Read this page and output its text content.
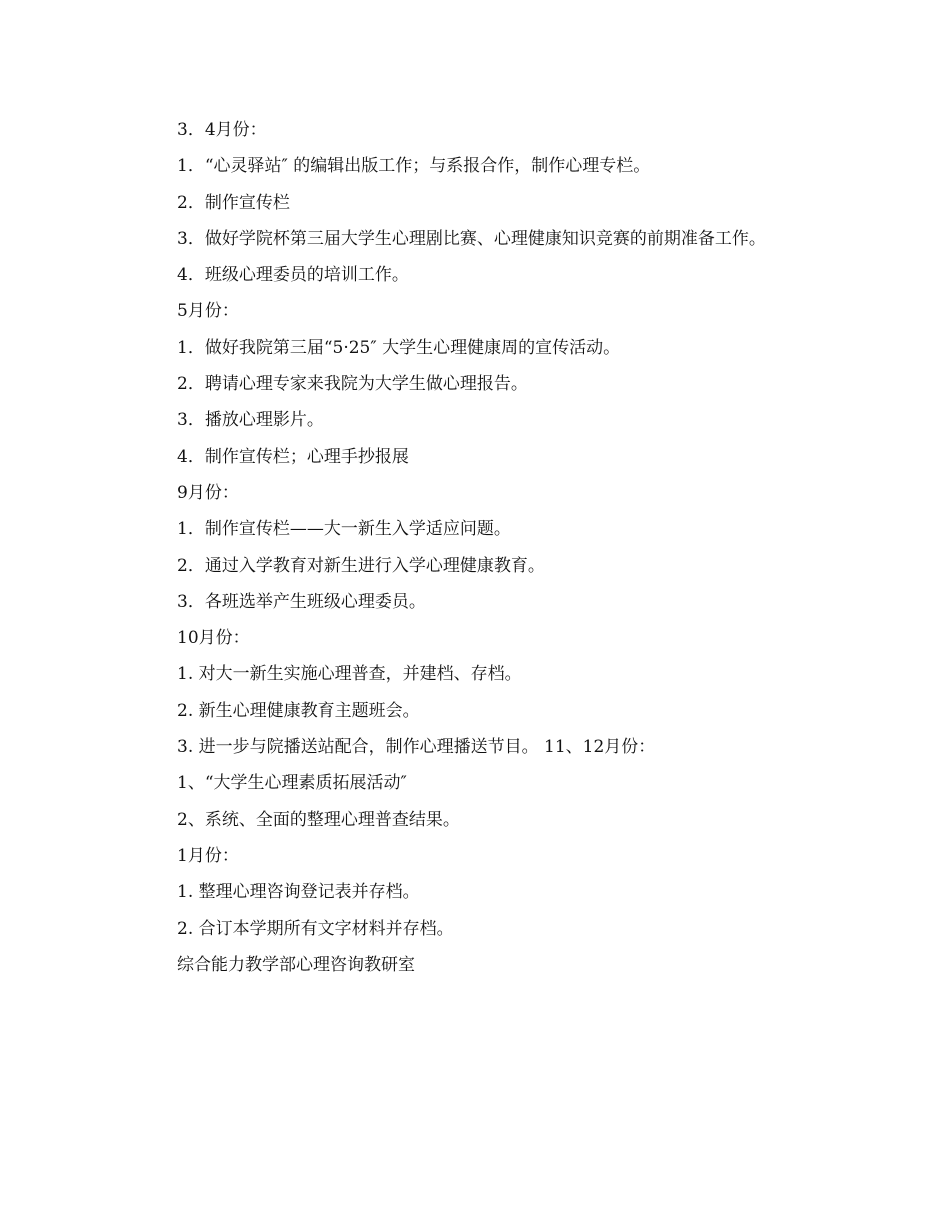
3．4月份：

1．“心灵驿站″ 的编辑出版工作；与系报合作，制作心理专栏。

2．制作宣传栏

3．做好学院杯第三届大学生心理剧比赛、心理健康知识竞赛的前期准备工作。

4．班级心理委员的培训工作。

5月份：

1．做好我院第三届“5·25″ 大学生心理健康周的宣传活动。

2．聘请心理专家来我院为大学生做心理报告。

3．播放心理影片。

4．制作宣传栏；心理手抄报展

9月份：

1．制作宣传栏——大一新生入学适应问题。

2．通过入学教育对新生进行入学心理健康教育。

3．各班选举产生班级心理委员。

10月份：

1. 对大一新生实施心理普查，并建档、存档。

2. 新生心理健康教育主题班会。

3. 进一步与院播送站配合，制作心理播送节目。 11、12月份：

1、“大学生心理素质拓展活动″

2、系统、全面的整理心理普查结果。

1月份：

1. 整理心理咨询登记表并存档。

2. 合订本学期所有文字材料并存档。

综合能力教学部心理咨询教研室
